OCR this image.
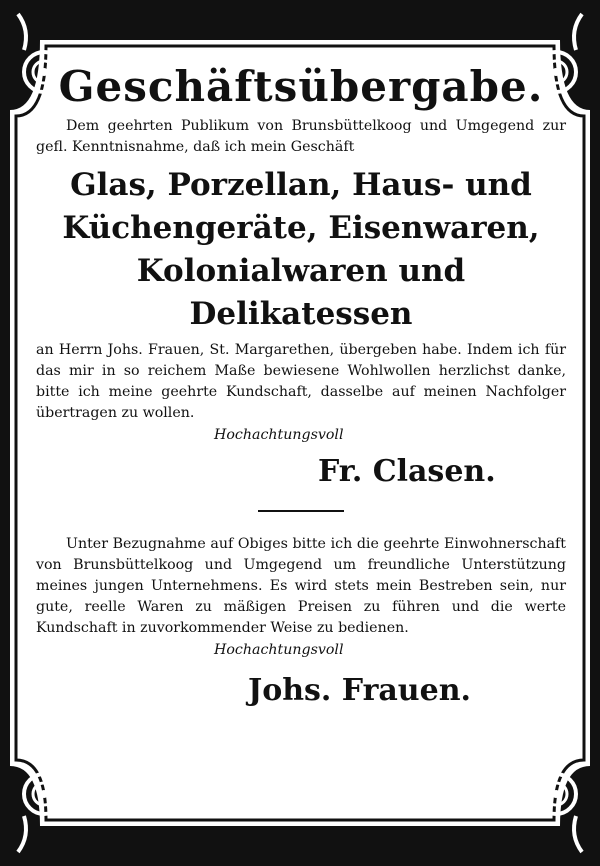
Geschäftsübergabe.

Dem geehrten Publikum von Brunsbüttelkoog und Umgegend zur gefl. Kenntnisnahme, daß ich mein Geschäft

Glas, Porzellan, Haus- und Küchengeräte, Eisenwaren, Kolonialwaren und Delikatessen

an Herrn Johs. Frauen, St. Margarethen, übergeben habe. Indem ich für das mir in so reichem Maße bewiesene Wohlwollen herzlichst danke, bitte ich meine geehrte Kundschaft, dasselbe auf meinen Nachfolger übertragen zu wollen.

Hochachtungsvoll

Fr. Clasen.

Unter Bezugnahme auf Obiges bitte ich die geehrte Einwohnerschaft von Brunsbüttelkoog und Umgegend um freundliche Unterstützung meines jungen Unternehmens. Es wird stets mein Bestreben sein, nur gute, reelle Waren zu mäßigen Preisen zu führen und die werte Kundschaft in zuvorkommender Weise zu bedienen.

Hochachtungsvoll

Johs. Frauen.
